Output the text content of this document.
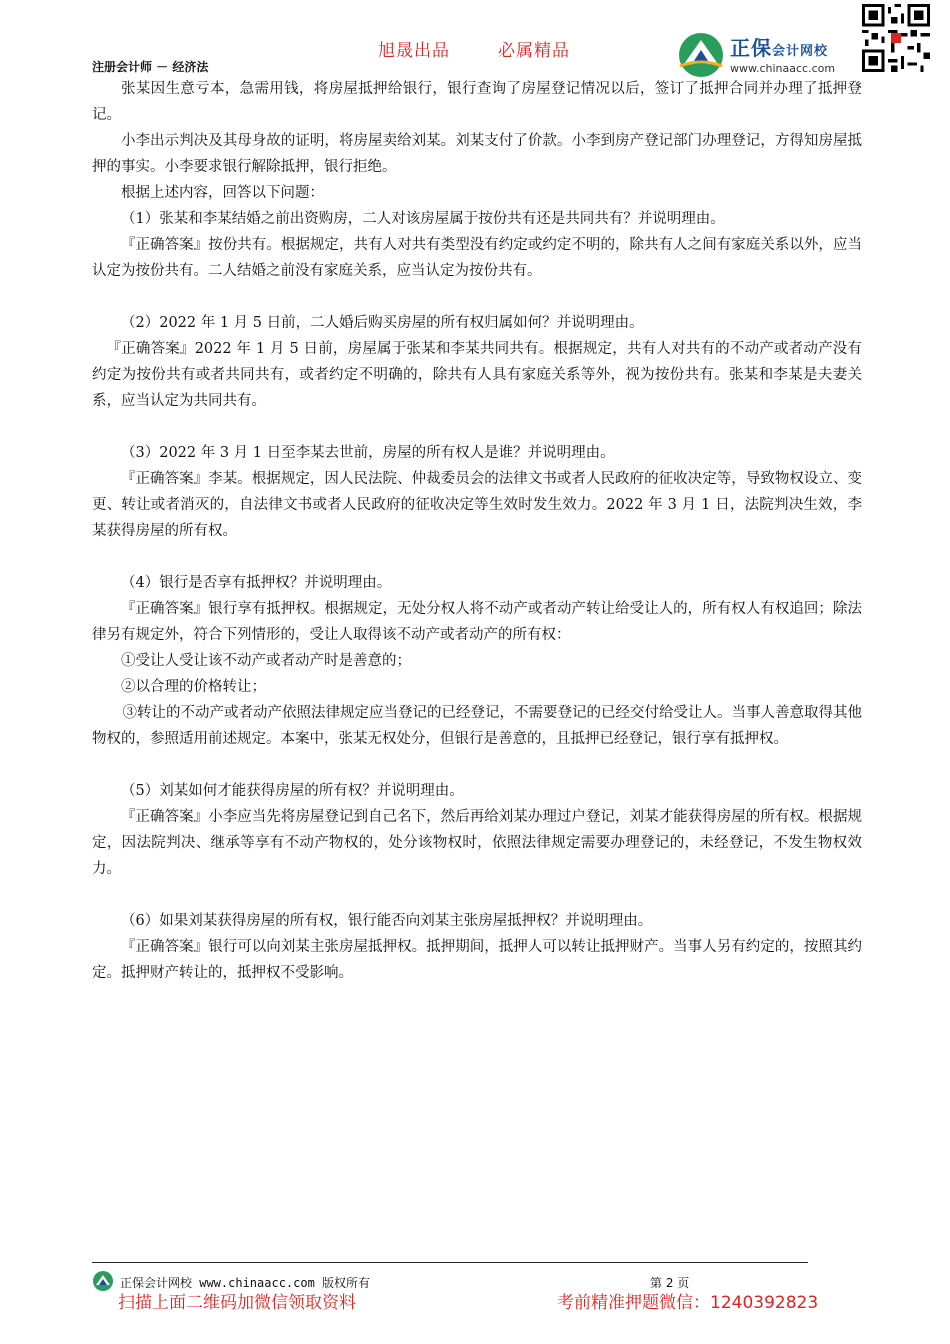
旭晟出品	必属精品
注册会计师 － 经济法
正保会计网校
www.chinaacc.com

张某因生意亏本，急需用钱，将房屋抵押给银行，银行查询了房屋登记情况以后，签订了抵押合同并办理了抵押登记。

小李出示判决及其母身故的证明，将房屋卖给刘某。刘某支付了价款。小李到房产登记部门办理登记，方得知房屋抵押的事实。小李要求银行解除抵押，银行拒绝。

根据上述内容，回答以下问题：

（1）张某和李某结婚之前出资购房，二人对该房屋属于按份共有还是共同共有？并说明理由。

『正确答案』按份共有。根据规定，共有人对共有类型没有约定或约定不明的，除共有人之间有家庭关系以外，应当认定为按份共有。二人结婚之前没有家庭关系，应当认定为按份共有。

（2）2022 年 1 月 5 日前，二人婚后购买房屋的所有权归属如何？并说明理由。

『正确答案』2022 年 1 月 5 日前，房屋属于张某和李某共同共有。根据规定，共有人对共有的不动产或者动产没有约定为按份共有或者共同共有，或者约定不明确的，除共有人具有家庭关系等外，视为按份共有。张某和李某是夫妻关系，应当认定为共同共有。

（3）2022 年 3 月 1 日至李某去世前，房屋的所有权人是谁？并说明理由。

『正确答案』李某。根据规定，因人民法院、仲裁委员会的法律文书或者人民政府的征收决定等，导致物权设立、变更、转让或者消灭的，自法律文书或者人民政府的征收决定等生效时发生效力。2022 年 3 月 1 日，法院判决生效，李某获得房屋的所有权。

（4）银行是否享有抵押权？并说明理由。

『正确答案』银行享有抵押权。根据规定，无处分权人将不动产或者动产转让给受让人的，所有权人有权追回；除法律另有规定外，符合下列情形的，受让人取得该不动产或者动产的所有权：

①受让人受让该不动产或者动产时是善意的；

②以合理的价格转让；

③转让的不动产或者动产依照法律规定应当登记的已经登记，不需要登记的已经交付给受让人。当事人善意取得其他物权的，参照适用前述规定。本案中，张某无权处分，但银行是善意的，且抵押已经登记，银行享有抵押权。

（5）刘某如何才能获得房屋的所有权？并说明理由。

『正确答案』小李应当先将房屋登记到自己名下，然后再给刘某办理过户登记，刘某才能获得房屋的所有权。根据规定，因法院判决、继承等享有不动产物权的，处分该物权时，依照法律规定需要办理登记的，未经登记，不发生物权效力。

（6）如果刘某获得房屋的所有权，银行能否向刘某主张房屋抵押权？并说明理由。

『正确答案』银行可以向刘某主张房屋抵押权。抵押期间，抵押人可以转让抵押财产。当事人另有约定的，按照其约定。抵押财产转让的，抵押权不受影响。

正保会计网校 www.chinaacc.com 版权所有	第 2 页
扫描上面二维码加微信领取资料	考前精准押题微信：1240392823
